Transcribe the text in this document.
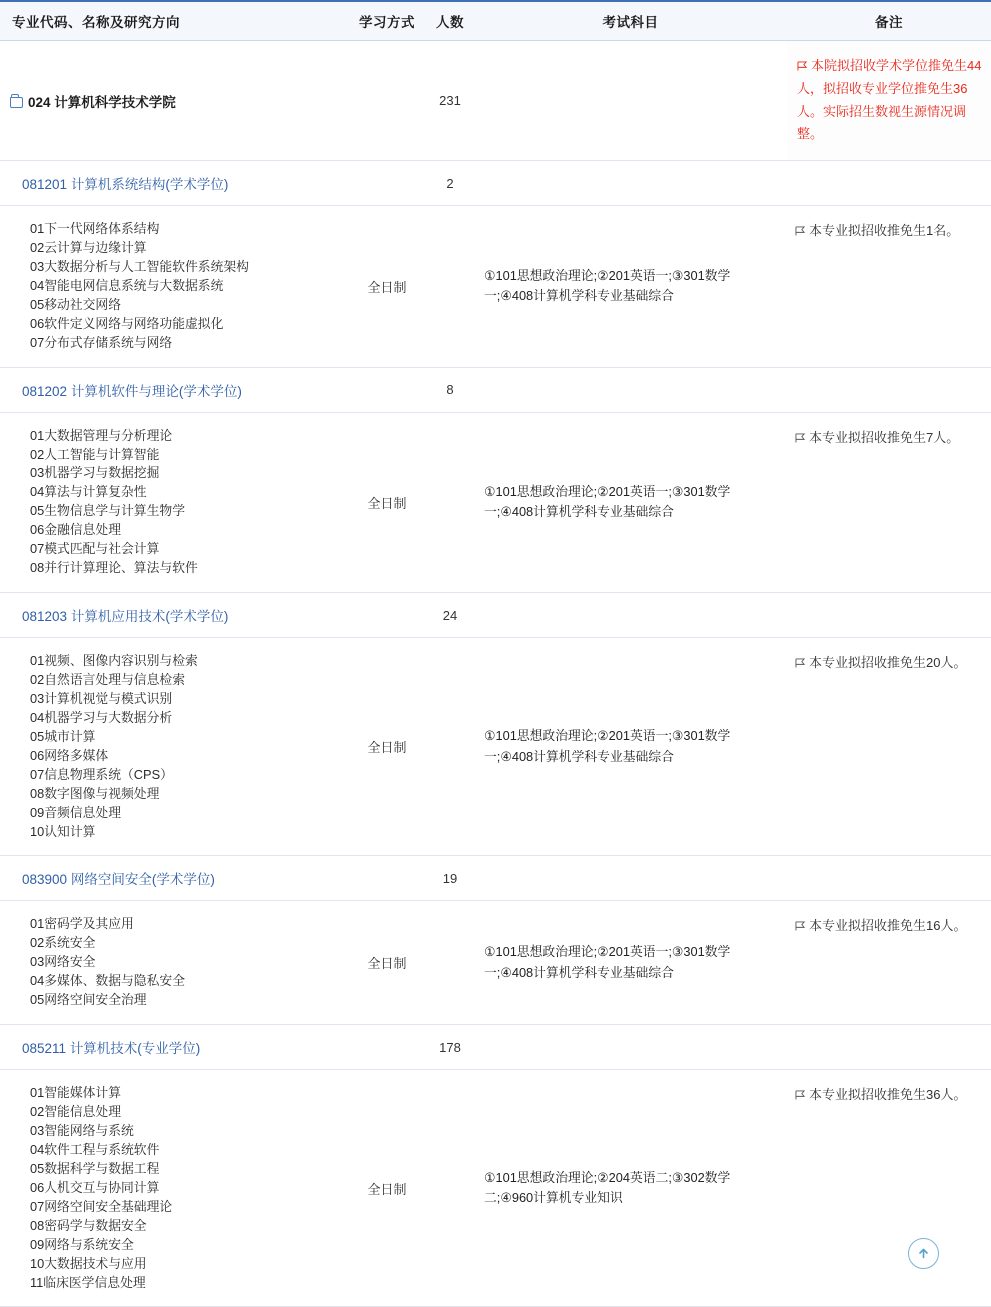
专业代码、名称及研究方向	学习方式	人数	考试科目	备注
024 计算机科学技术学院		231		本院拟招收学术学位推免生44人，拟招收专业学位推免生36人。实际招生数视生源情况调整。
081201 计算机系统结构(学术学位)		2		

01下一代网络体系结构
02云计算与边缘计算
03大数据分析与人工智能软件系统架构
04智能电网信息系统与大数据系统
05移动社交网络
06软件定义网络与网络功能虚拟化
07分布式存储系统与网络
	全日制		①101思想政治理论;②201英语一;③301数学一;④408计算机学科专业基础综合	本专业拟招收推免生1名。
081202 计算机软件与理论(学术学位)		8		

01大数据管理与分析理论
02人工智能与计算智能
03机器学习与数据挖掘
04算法与计算复杂性
05生物信息学与计算生物学
06金融信息处理
07模式匹配与社会计算
08并行计算理论、算法与软件
	全日制		①101思想政治理论;②201英语一;③301数学一;④408计算机学科专业基础综合	本专业拟招收推免生7人。
081203 计算机应用技术(学术学位)		24		

01视频、图像内容识别与检索
02自然语言处理与信息检索
03计算机视觉与模式识别
04机器学习与大数据分析
05城市计算
06网络多媒体
07信息物理系统（CPS）
08数字图像与视频处理
09音频信息处理
10认知计算
	全日制		①101思想政治理论;②201英语一;③301数学一;④408计算机学科专业基础综合	本专业拟招收推免生20人。
083900 网络空间安全(学术学位)		19		

01密码学及其应用
02系统安全
03网络安全
04多媒体、数据与隐私安全
05网络空间安全治理	全日制		①101思想政治理论;②201英语一;③301数学一;④408计算机学科专业基础综合	本专业拟招收推免生16人。
085211 计算机技术(专业学位)		178		

01智能媒体计算
02智能信息处理
03智能网络与系统
04软件工程与系统软件
05数据科学与数据工程
06人机交互与协同计算
07网络空间安全基础理论
08密码学与数据安全
09网络与系统安全
10大数据技术与应用
11临床医学信息处理
	全日制		①101思想政治理论;②204英语二;③302数学二;④960计算机专业知识	本专业拟招收推免生36人。
